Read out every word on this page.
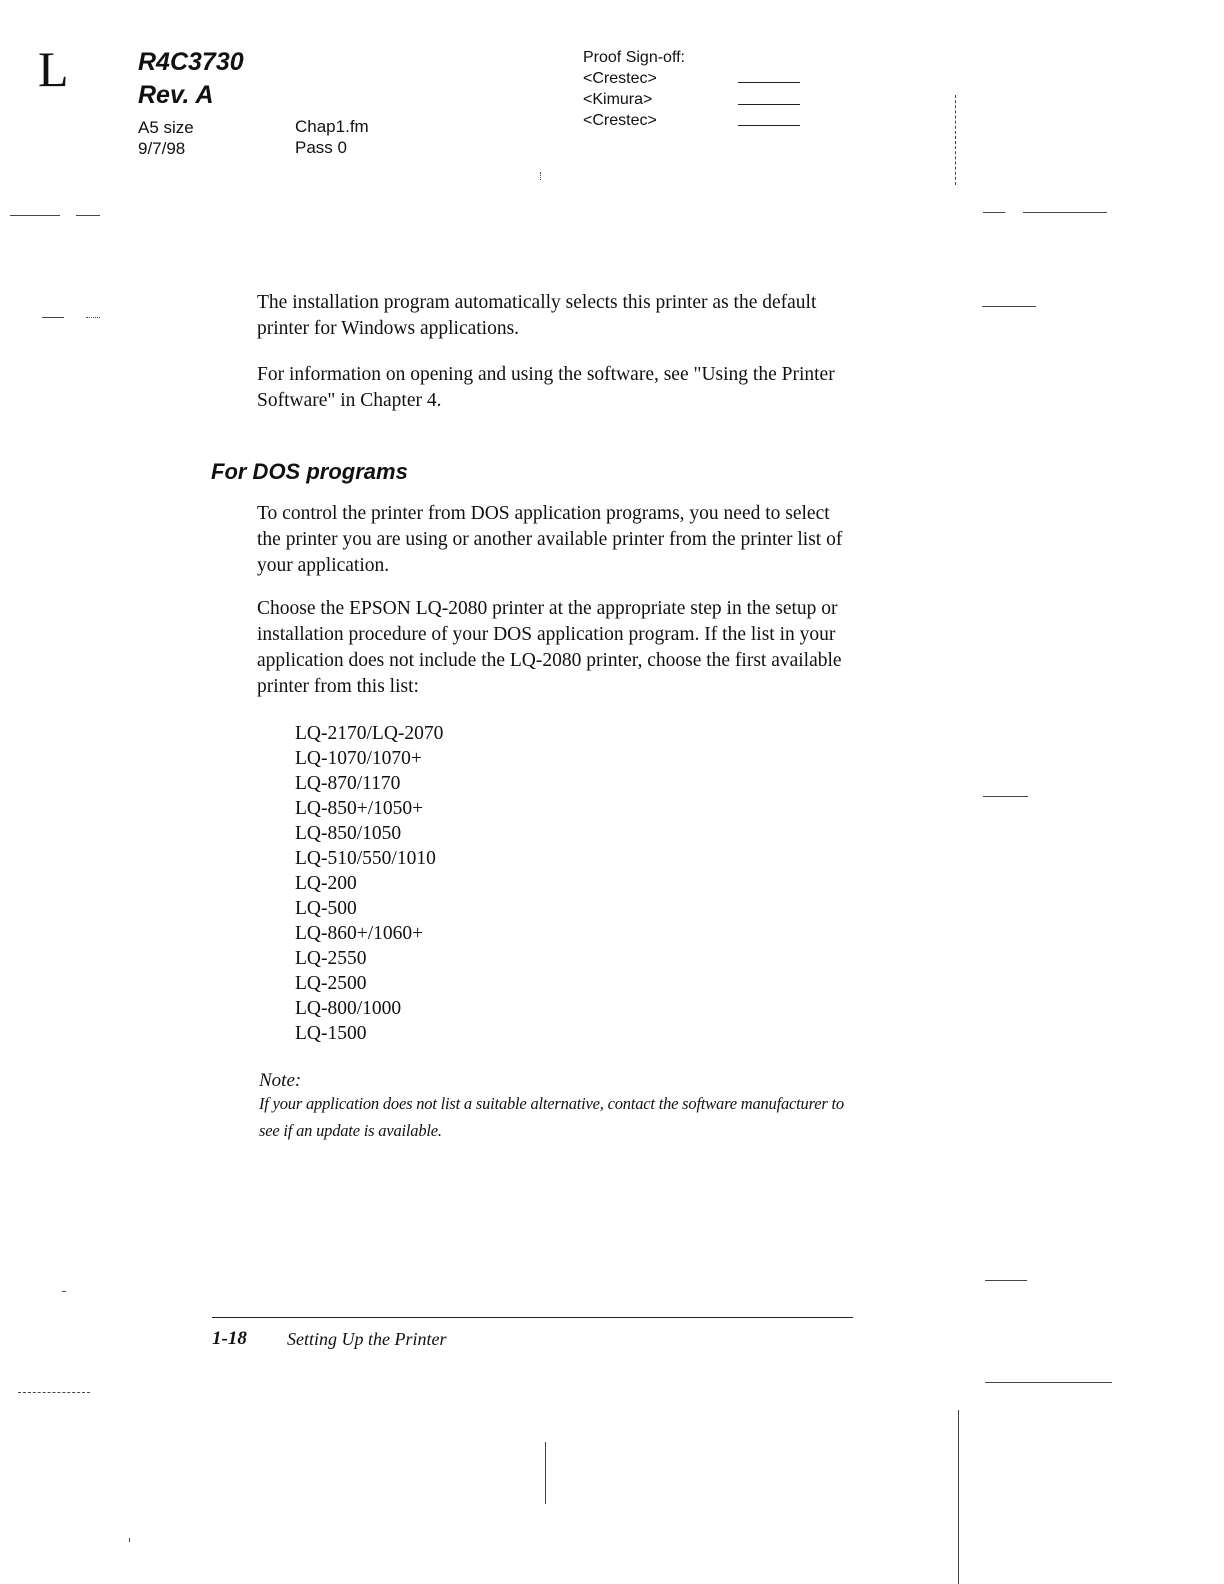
L	R4C3730
Rev. A
A5 size
9/7/98
Chap1.fm
Pass 0
Proof Sign-off:
<Crestec>
<Kimura>
<Crestec>

The installation program automatically selects this printer as the default printer for Windows applications.

For information on opening and using the software, see "Using the Printer Software" in Chapter 4.

For DOS programs

To control the printer from DOS application programs, you need to select the printer you are using or another available printer from the printer list of your application.

Choose the EPSON LQ-2080 printer at the appropriate step in the setup or installation procedure of your DOS application program. If the list in your application does not include the LQ-2080 printer, choose the first available printer from this list:

LQ-2170/LQ-2070
LQ-1070/1070+
LQ-870/1170
LQ-850+/1050+
LQ-850/1050
LQ-510/550/1010
LQ-200
LQ-500
LQ-860+/1060+
LQ-2550
LQ-2500
LQ-800/1000
LQ-1500
Note:
If your application does not list a suitable alternative, contact the software manufacturer to see if an update is available.
1-18 Setting Up the Printer
